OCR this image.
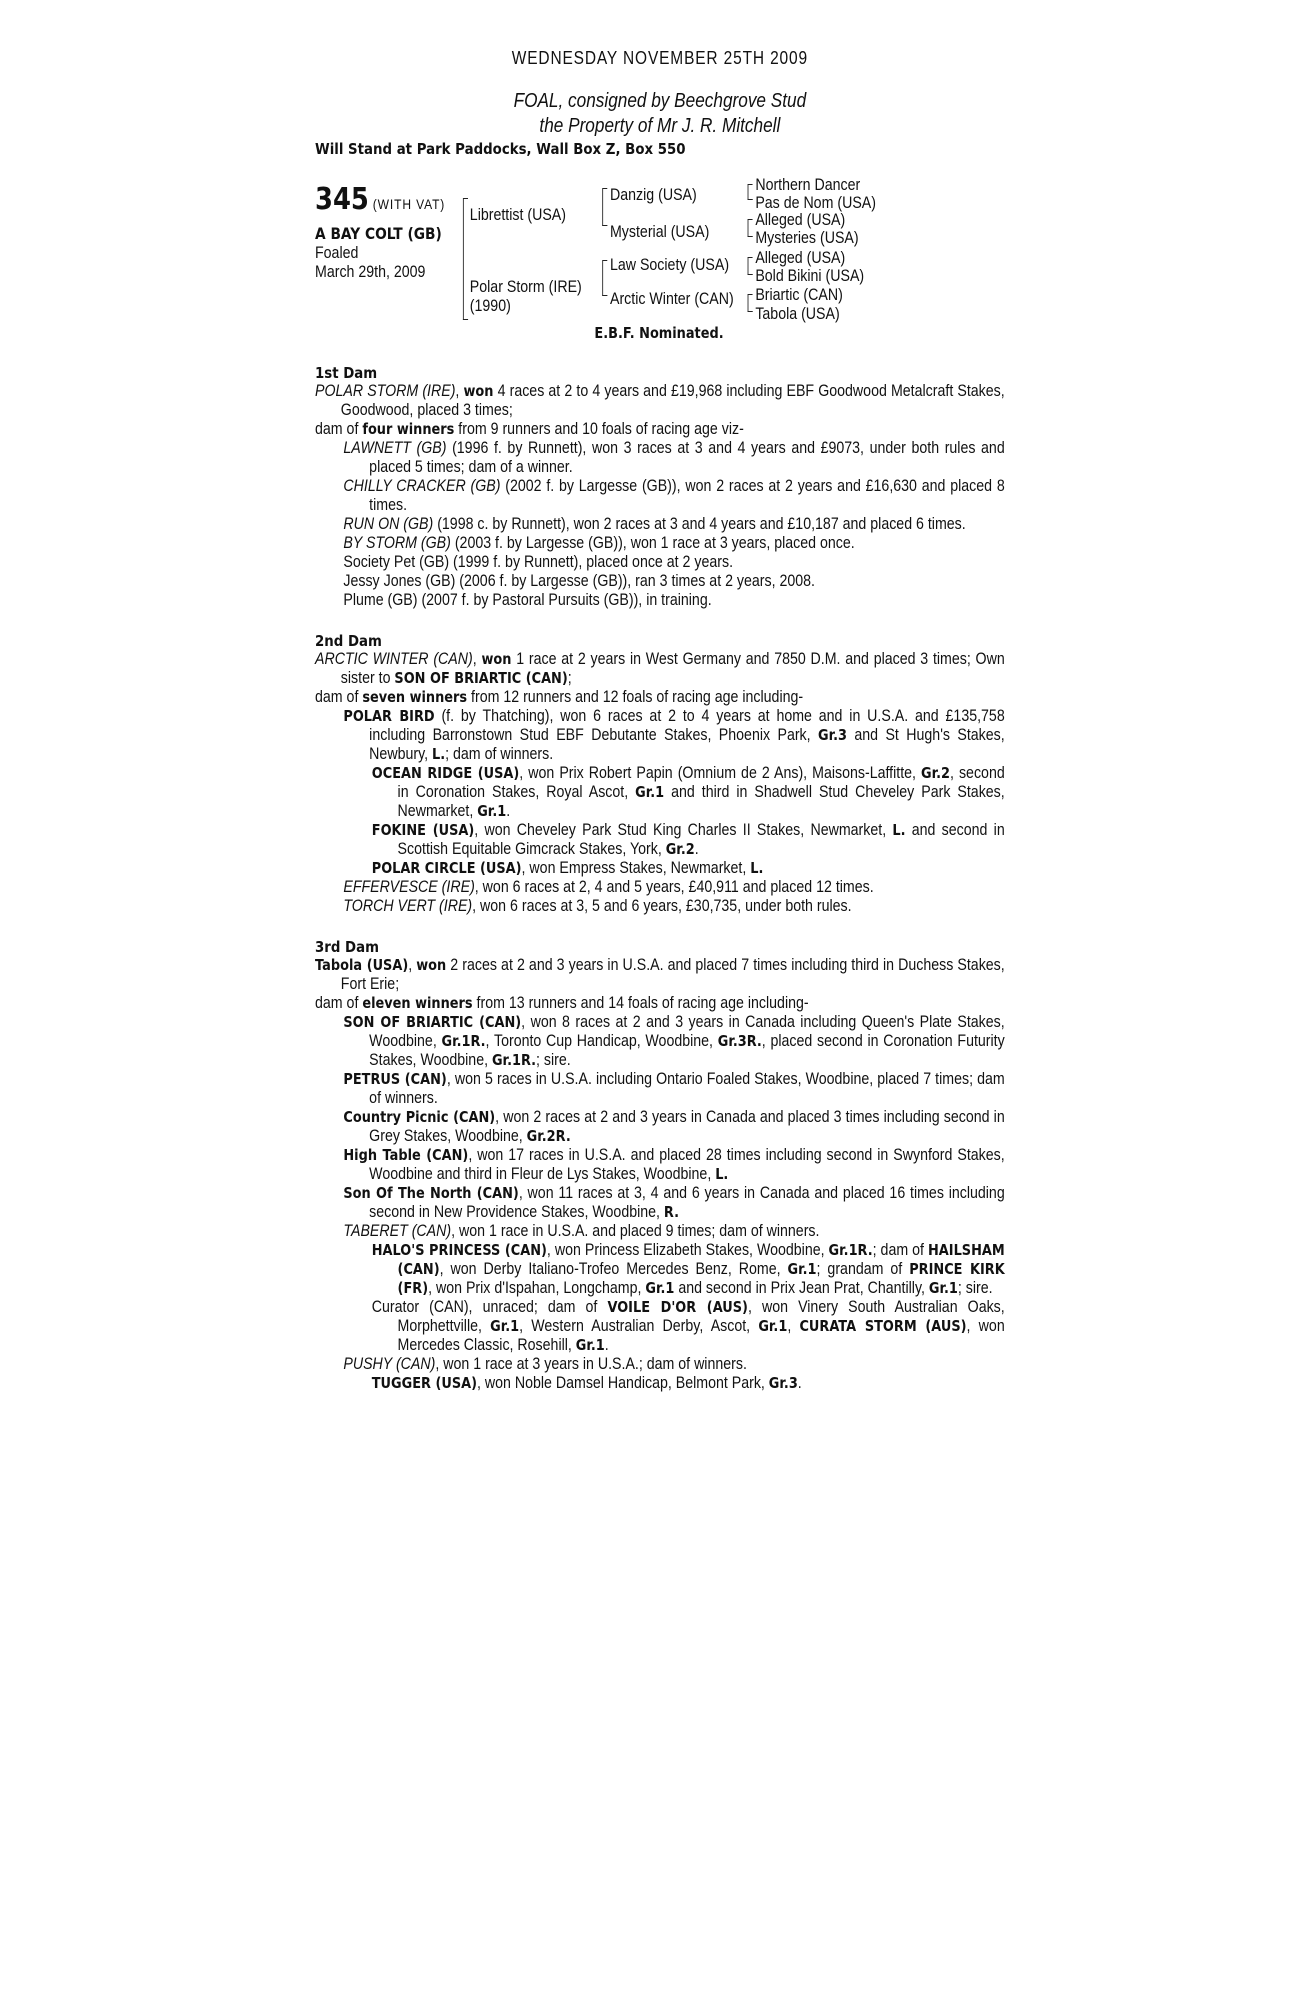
WEDNESDAY NOVEMBER 25TH 2009
FOAL, consigned by Beechgrove Stud
the Property of Mr J. R. Mitchell
Will Stand at Park Paddocks, Wall Box Z, Box 550
345 (WITH VAT)
A BAY COLT (GB)
Foaled
March 29th, 2009
Librettist (USA)
Polar Storm (IRE)
(1990)
Danzig (USA)
Mysterial (USA)
Law Society (USA)
Arctic Winter (CAN)
Northern Dancer
Pas de Nom (USA)
Alleged (USA)
Mysteries (USA)
Alleged (USA)
Bold Bikini (USA)
Briartic (CAN)
Tabola (USA)
E.B.F. Nominated.
1st Dam

POLAR STORM (IRE), won 4 races at 2 to 4 years and £19,968 including EBF Goodwood Metalcraft Stakes, Goodwood, placed 3 times;

dam of four winners from 9 runners and 10 foals of racing age viz-

LAWNETT (GB) (1996 f. by Runnett), won 3 races at 3 and 4 years and £9073, under both rules and placed 5 times; dam of a winner.

CHILLY CRACKER (GB) (2002 f. by Largesse (GB)), won 2 races at 2 years and £16,630 and placed 8 times.

RUN ON (GB) (1998 c. by Runnett), won 2 races at 3 and 4 years and £10,187 and placed 6 times.

BY STORM (GB) (2003 f. by Largesse (GB)), won 1 race at 3 years, placed once.

Society Pet (GB) (1999 f. by Runnett), placed once at 2 years.

Jessy Jones (GB) (2006 f. by Largesse (GB)), ran 3 times at 2 years, 2008.

Plume (GB) (2007 f. by Pastoral Pursuits (GB)), in training.

2nd Dam

ARCTIC WINTER (CAN), won 1 race at 2 years in West Germany and 7850 D.M. and placed 3 times; Own sister to SON OF BRIARTIC (CAN);

dam of seven winners from 12 runners and 12 foals of racing age including-

POLAR BIRD (f. by Thatching), won 6 races at 2 to 4 years at home and in U.S.A. and £135,758 including Barronstown Stud EBF Debutante Stakes, Phoenix Park, Gr.3 and St Hugh's Stakes, Newbury, L.; dam of winners.

OCEAN RIDGE (USA), won Prix Robert Papin (Omnium de 2 Ans), Maisons-Laffitte, Gr.2, second in Coronation Stakes, Royal Ascot, Gr.1 and third in Shadwell Stud Cheveley Park Stakes, Newmarket, Gr.1.

FOKINE (USA), won Cheveley Park Stud King Charles II Stakes, Newmarket, L. and second in Scottish Equitable Gimcrack Stakes, York, Gr.2.

POLAR CIRCLE (USA), won Empress Stakes, Newmarket, L.

EFFERVESCE (IRE), won 6 races at 2, 4 and 5 years, £40,911 and placed 12 times.

TORCH VERT (IRE), won 6 races at 3, 5 and 6 years, £30,735, under both rules.

3rd Dam

Tabola (USA), won 2 races at 2 and 3 years in U.S.A. and placed 7 times including third in Duchess Stakes, Fort Erie;

dam of eleven winners from 13 runners and 14 foals of racing age including-

SON OF BRIARTIC (CAN), won 8 races at 2 and 3 years in Canada including Queen's Plate Stakes, Woodbine, Gr.1R., Toronto Cup Handicap, Woodbine, Gr.3R., placed second in Coronation Futurity Stakes, Woodbine, Gr.1R.; sire.

PETRUS (CAN), won 5 races in U.S.A. including Ontario Foaled Stakes, Woodbine, placed 7 times; dam of winners.

Country Picnic (CAN), won 2 races at 2 and 3 years in Canada and placed 3 times including second in Grey Stakes, Woodbine, Gr.2R.

High Table (CAN), won 17 races in U.S.A. and placed 28 times including second in Swynford Stakes, Woodbine and third in Fleur de Lys Stakes, Woodbine, L.

Son Of The North (CAN), won 11 races at 3, 4 and 6 years in Canada and placed 16 times including second in New Providence Stakes, Woodbine, R.

TABERET (CAN), won 1 race in U.S.A. and placed 9 times; dam of winners.

HALO'S PRINCESS (CAN), won Princess Elizabeth Stakes, Woodbine, Gr.1R.; dam of HAILSHAM (CAN), won Derby Italiano-Trofeo Mercedes Benz, Rome, Gr.1; grandam of PRINCE KIRK (FR), won Prix d'Ispahan, Longchamp, Gr.1 and second in Prix Jean Prat, Chantilly, Gr.1; sire.

Curator (CAN), unraced; dam of VOILE D'OR (AUS), won Vinery South Australian Oaks, Morphettville, Gr.1, Western Australian Derby, Ascot, Gr.1, CURATA STORM (AUS), won Mercedes Classic, Rosehill, Gr.1.

PUSHY (CAN), won 1 race at 3 years in U.S.A.; dam of winners.

TUGGER (USA), won Noble Damsel Handicap, Belmont Park, Gr.3.
